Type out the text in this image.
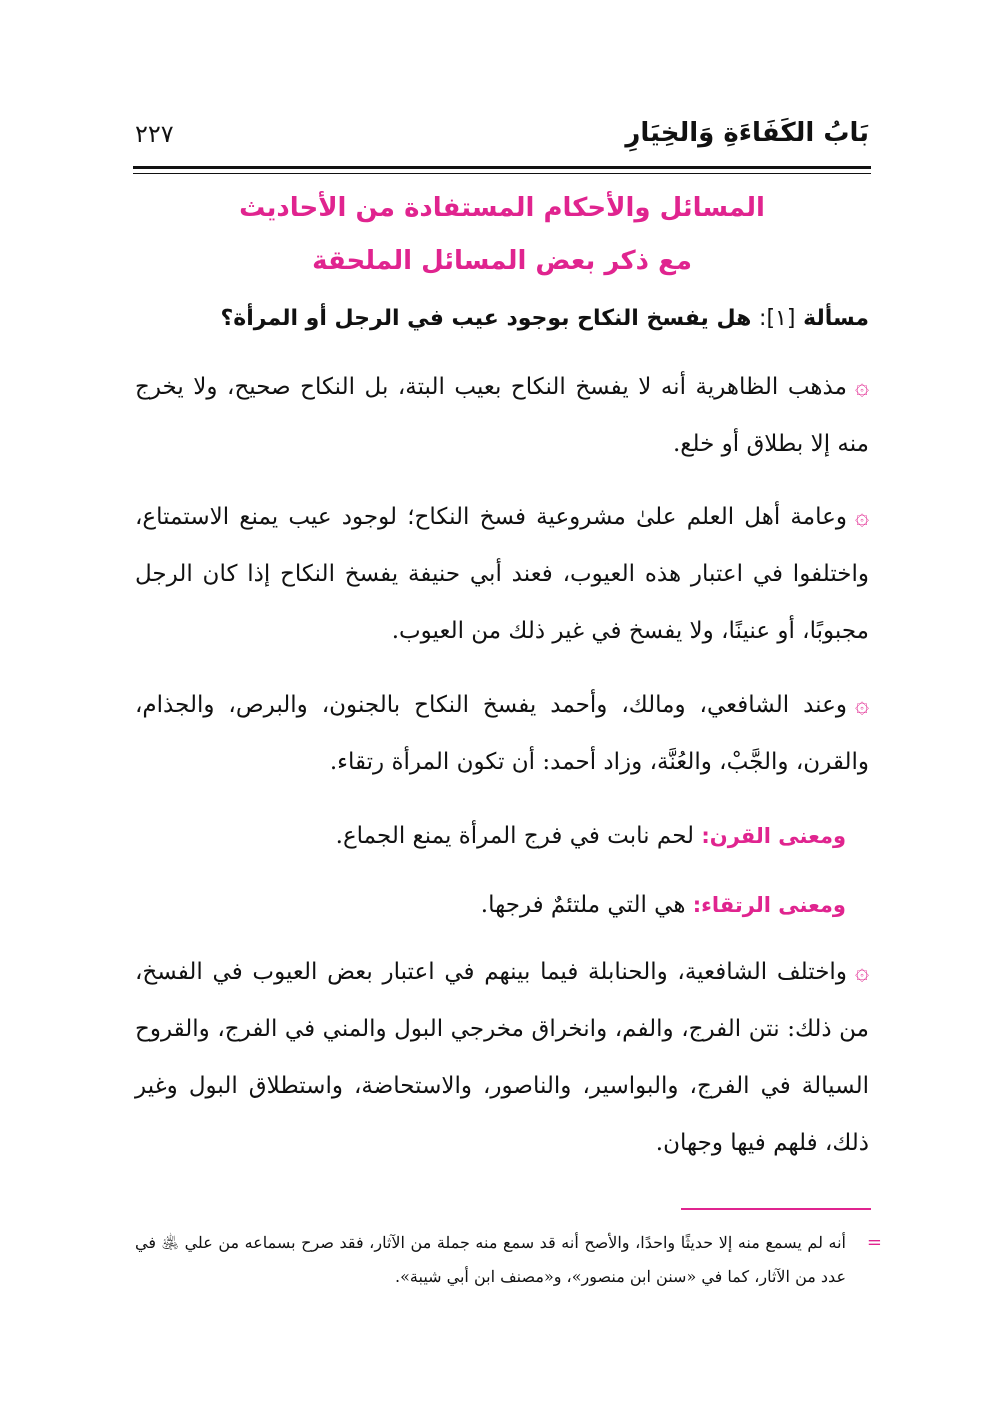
بَابُ الكَفَاءَةِ وَالخِيَارِ
٢٢٧
المسائل والأحكام المستفادة من الأحاديث
مع ذكر بعض المسائل الملحقة
مسألة [١]: هل يفسخ النكاح بوجود عيب في الرجل أو المرأة؟
۞مذهب الظاهرية أنه لا يفسخ النكاح بعيب البتة، بل النكاح صحيح، ولا يخرج منه إلا بطلاق أو خلع.
۞وعامة أهل العلم علىٰ مشروعية فسخ النكاح؛ لوجود عيب يمنع الاستمتاع، واختلفوا في اعتبار هذه العيوب، فعند أبي حنيفة يفسخ النكاح إذا كان الرجل مجبوبًا، أو عنينًا، ولا يفسخ في غير ذلك من العيوب.
۞وعند الشافعي، ومالك، وأحمد يفسخ النكاح بالجنون، والبرص، والجذام، والقرن، والجَّبْ، والعُنَّة، وزاد أحمد: أن تكون المرأة رتقاء.
ومعنى القرن: لحم نابت في فرج المرأة يمنع الجماع.
ومعنى الرتقاء: هي التي ملتئمٌ فرجها.
۞واختلف الشافعية، والحنابلة فيما بينهم في اعتبار بعض العيوب في الفسخ، من ذلك: نتن الفرج، والفم، وانخراق مخرجي البول والمني في الفرج، والقروح السيالة في الفرج، والبواسير، والناصور، والاستحاضة، واستطلاق البول وغير ذلك، فلهم فيها وجهان.
=
أنه لم يسمع منه إلا حديثًا واحدًا، والأصح أنه قد سمع منه جملة من الآثار، فقد صرح بسماعه من علي ﵁ في عدد من الآثار، كما في «سنن ابن منصور»، و«مصنف ابن أبي شيبة».
